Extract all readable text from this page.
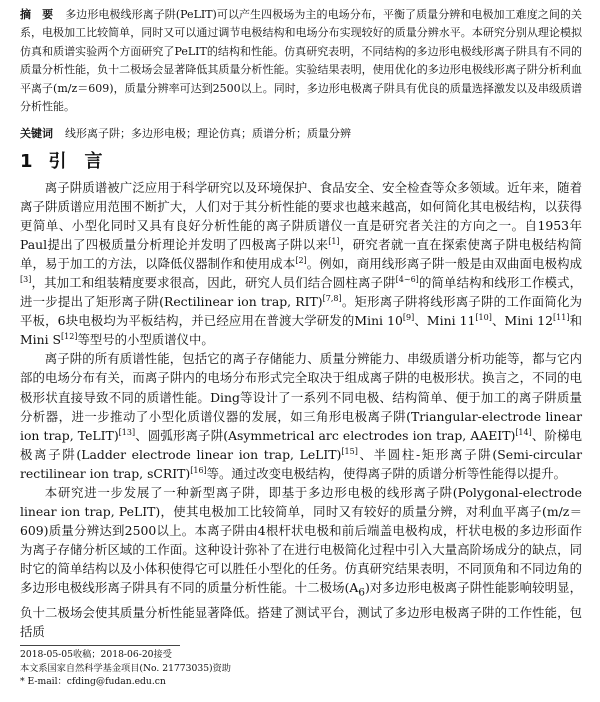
摘　要 多边形电极线形离子阱(PeLIT)可以产生四极场为主的电场分布，平衡了质量分辨和电极加工难度之间的关系，电极加工比较简单，同时又可以通过调节电极结构和电场分布实现较好的质量分辨水平。本研究分别从理论模拟仿真和质谱实验两个方面研究了PeLIT的结构和性能。仿真研究表明，不同结构的多边形电极线形离子阱具有不同的质量分析性能，负十二极场会显著降低其质量分析性能。实验结果表明，使用优化的多边形电极线形离子阱分析利血平离子(m/z＝609)，质量分辨率可达到2500以上。同时，多边形电极离子阱具有优良的质量选择激发以及串级质谱分析性能。
关键词 线形离子阱；多边形电极；理论仿真；质谱分析；质量分辨
1 引　言

离子阱质谱被广泛应用于科学研究以及环境保护、食品安全、安全检查等众多领域。近年来，随着离子阱质谱应用范围不断扩大，人们对于其分析性能的要求也越来越高，如何简化其电极结构，以获得更简单、小型化同时又具有良好分析性能的离子阱质谱仪一直是研究者关注的方向之一。自1953年Paul提出了四极质量分析理论并发明了四极离子阱以来[1]，研究者就一直在探索使离子阱电极结构简单，易于加工的方法，以降低仪器制作和使用成本[2]。例如，商用线形离子阱一般是由双曲面电极构成[3]，其加工和组装精度要求很高，因此，研究人员们结合圆柱离子阱[4~6]的简单结构和线形工作模式，进一步提出了矩形离子阱(Rectilinear ion trap, RIT)[7,8]。矩形离子阱将线形离子阱的工作面简化为平板，6块电极均为平板结构，并已经应用在普渡大学研发的Mini 10[9]、Mini 11[10]、Mini 12[11]和Mini S[12]等型号的小型质谱仪中。

离子阱的所有质谱性能，包括它的离子存储能力、质量分辨能力、串级质谱分析功能等，都与它内部的电场分布有关，而离子阱内的电场分布形式完全取决于组成离子阱的电极形状。换言之，不同的电极形状直接导致不同的质谱性能。Ding等设计了一系列不同电极、结构简单、便于加工的离子阱质量分析器，进一步推动了小型化质谱仪器的发展，如三角形电极离子阱(Triangular-electrode linear ion trap, TeLIT)[13]、圆弧形离子阱(Asymmetrical arc electrodes ion trap, AAEIT)[14]、阶梯电极离子阱(Ladder electrode linear ion trap, LeLIT)[15]、半圆柱-矩形离子阱(Semi-circular rectilinear ion trap, sCRIT)[16]等。通过改变电极结构，使得离子阱的质谱分析等性能得以提升。

本研究进一步发展了一种新型离子阱，即基于多边形电极的线形离子阱(Polygonal-electrode linear ion trap, PeLIT)，使其电极加工比较简单，同时又有较好的质量分辨，对利血平离子(m/z＝609)质量分辨达到2500以上。本离子阱由4根杆状电极和前后端盖电极构成，杆状电极的多边形面作为离子存储分析区域的工作面。这种设计弥补了在进行电极简化过程中引入大量高阶场成分的缺点，同时它的简单结构以及小体积使得它可以胜任小型化的任务。仿真研究结果表明，不同顶角和不同边角的多边形电极线形离子阱具有不同的质量分析性能。十二极场$(A_6)$对多边形电极离子阱性能影响较明显，负十二极场会使其质量分析性能显著降低。搭建了测试平台，测试了多边形电极离子阱的工作性能，包括质

2018-05-05收稿；2018-06-20接受
本文系国家自然科学基金项目(No. 21773035)资助
* E-mail：cfding@fudan.edu.cn
